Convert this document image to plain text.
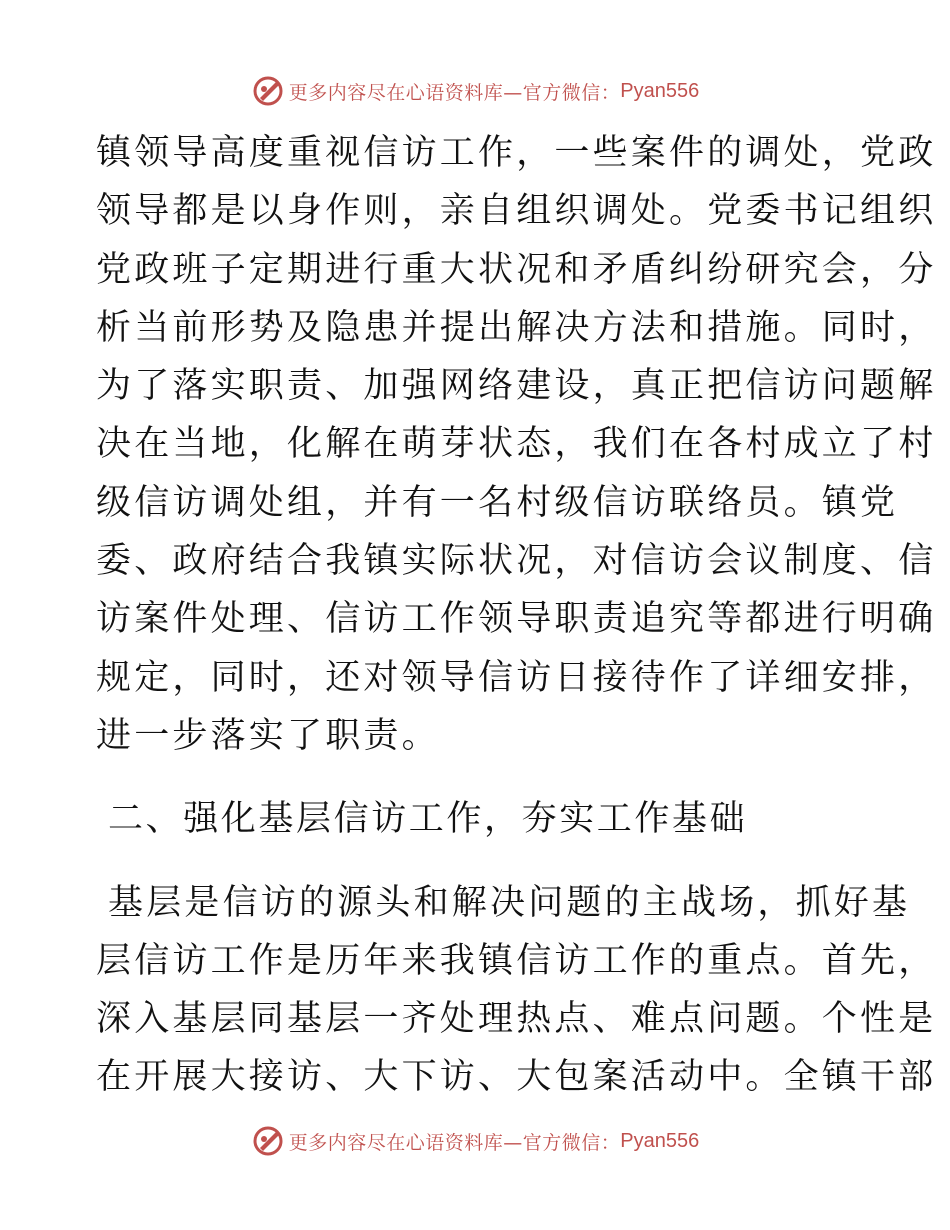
更多内容尽在心语资料库—官方微信： Pyan556
镇领导高度重视信访工作，一些案件的调处，党政
领导都是以身作则，亲自组织调处。党委书记组织
党政班子定期进行重大状况和矛盾纠纷研究会，分
析当前形势及隐患并提出解决方法和措施。同时，
为了落实职责、加强网络建设，真正把信访问题解
决在当地，化解在萌芽状态，我们在各村成立了村
级信访调处组，并有一名村级信访联络员。镇党
委、政府结合我镇实际状况，对信访会议制度、信
访案件处理、信访工作领导职责追究等都进行明确
规定，同时，还对领导信访日接待作了详细安排，
进一步落实了职责。
二、强化基层信访工作，夯实工作基础
基层是信访的源头和解决问题的主战场，抓好基
层信访工作是历年来我镇信访工作的重点。首先，
深入基层同基层一齐处理热点、难点问题。个性是
在开展大接访、大下访、大包案活动中。全镇干部
更多内容尽在心语资料库—官方微信： Pyan556
